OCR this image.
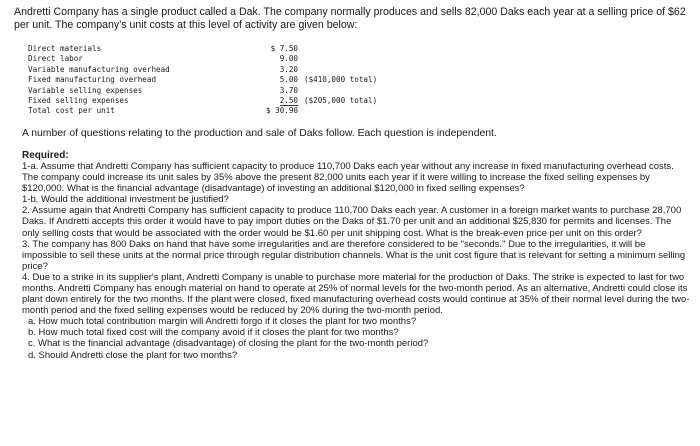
Andretti Company has a single product called a Dak. The company normally produces and sells 82,000 Daks each year at a selling price of $62 per unit. The company's unit costs at this level of activity are given below:

Direct materials	$ 7.50	
Direct labor	9.00	
Variable manufacturing overhead	3.20	
Fixed manufacturing overhead	5.00	($410,000 total)
Variable selling expenses	3.70	
Fixed selling expenses	2.50	($205,000 total)
Total cost per unit	$ 30.90	

A number of questions relating to the production and sale of Daks follow. Each question is independent.

Required:

1-a. Assume that Andretti Company has sufficient capacity to produce 110,700 Daks each year without any increase in fixed manufacturing overhead costs. The company could increase its unit sales by 35% above the present 82,000 units each year if it were willing to increase the fixed selling expenses by $120,000. What is the financial advantage (disadvantage) of investing an additional $120,000 in fixed selling expenses?

1-b. Would the additional investment be justified?

2. Assume again that Andretti Company has sufficient capacity to produce 110,700 Daks each year. A customer in a foreign market wants to purchase 28,700 Daks. If Andretti accepts this order it would have to pay import duties on the Daks of $1.70 per unit and an additional $25,830 for permits and licenses. The only selling costs that would be associated with the order would be $1.60 per unit shipping cost. What is the break-even price per unit on this order?

3. The company has 800 Daks on hand that have some irregularities and are therefore considered to be "seconds." Due to the irregularities, it will be impossible to sell these units at the normal price through regular distribution channels. What is the unit cost figure that is relevant for setting a minimum selling price?

4. Due to a strike in its supplier's plant, Andretti Company is unable to purchase more material for the production of Daks. The strike is expected to last for two months. Andretti Company has enough material on hand to operate at 25% of normal levels for the two-month period. As an alternative, Andretti could close its plant down entirely for the two months. If the plant were closed, fixed manufacturing overhead costs would continue at 35% of their normal level during the two-month period and the fixed selling expenses would be reduced by 20% during the two-month period.

a. How much total contribution margin will Andretti forgo if it closes the plant for two months?

b. How much total fixed cost will the company avoid if it closes the plant for two months?

c. What is the financial advantage (disadvantage) of closing the plant for the two-month period?

d. Should Andretti close the plant for two months?
